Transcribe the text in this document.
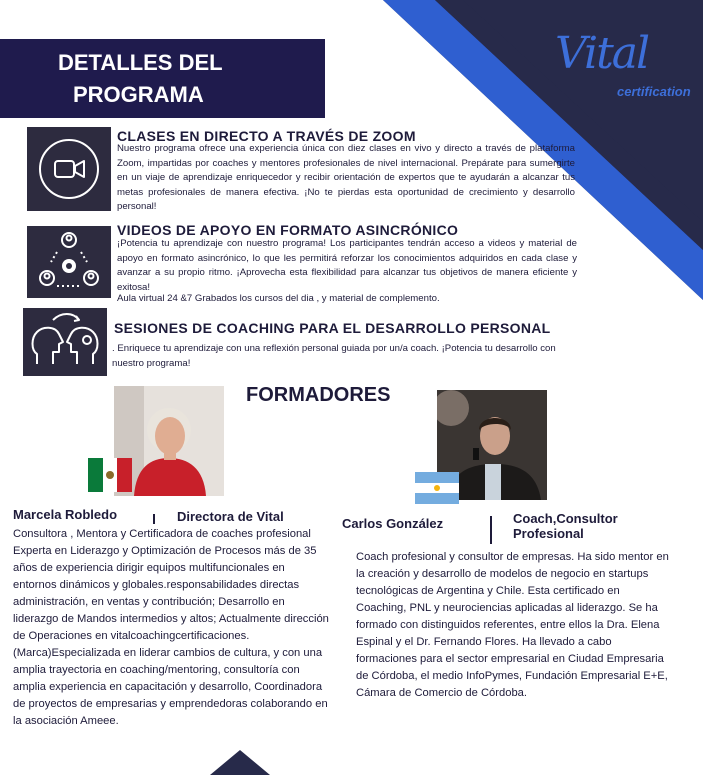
Vital
certification
DETALLES DEL
PROGRAMA
CLASES EN DIRECTO A TRAVÉS DE ZOOM
Nuestro programa ofrece una experiencia única con diez clases en vivo y directo a través de plataforma Zoom, impartidas por coaches y mentores profesionales de nivel internacional. Prepárate para sumergirte en un viaje de aprendizaje enriquecedor y recibir orientación de expertos que te ayudarán a alcanzar tus metas profesionales de manera efectiva. ¡No te pierdas esta oportunidad de crecimiento y desarrollo personal!
VIDEOS DE APOYO EN FORMATO ASINCRÓNICO
¡Potencia tu aprendizaje con nuestro programa! Los participantes tendrán acceso a videos y material de apoyo en formato asincrónico, lo que les permitirá reforzar los conocimientos adquiridos en cada clase y avanzar a su propio ritmo. ¡Aprovecha esta flexibilidad para alcanzar tus objetivos de manera eficiente y exitosa!
Aula virtual 24 &7 Grabados los cursos del dia , y material de complemento.
SESIONES DE COACHING PARA EL DESARROLLO PERSONAL
. Enriquece tu aprendizaje con una reflexión personal guiada por un/a coach. ¡Potencia tu desarrollo con nuestro programa!
FORMADORES
Marcela Robledo	Directora de Vital

Consultora , Mentora y Certificadora de coaches profesional Experta en Liderazgo y Optimización de Procesos más de 35 años de experiencia dirigir equipos multifuncionales en entornos dinámicos y globales.responsabilidades directas administración, en ventas y contribución; Desarrollo en liderazgo de Mandos intermedios y altos; Actualmente dirección de Operaciones en vitalcoachingcertificaciones. (Marca)Especializada en liderar cambios de cultura, y con una amplia trayectoria en coaching/mentoring, consultoría con amplia experiencia en capacitación y desarrollo, Coordinadora de proyectos de empresarias y emprendedoras colaborando en la asociación Ameee.

Carlos González	Coach,Consultor
Profesional

Coach profesional y consultor de empresas. Ha sido mentor en la creación y desarrollo de modelos de negocio en startups tecnológicas de Argentina y Chile. Esta certificado en Coaching, PNL y neurociencias aplicadas al liderazgo. Se ha formado con distinguidos referentes, entre ellos la Dra. Elena Espinal y el Dr. Fernando Flores. Ha llevado a cabo formaciones para el sector empresarial en Ciudad Empresaria de Córdoba, el medio InfoPymes, Fundación Empresarial E+E, Cámara de Comercio de Córdoba.
